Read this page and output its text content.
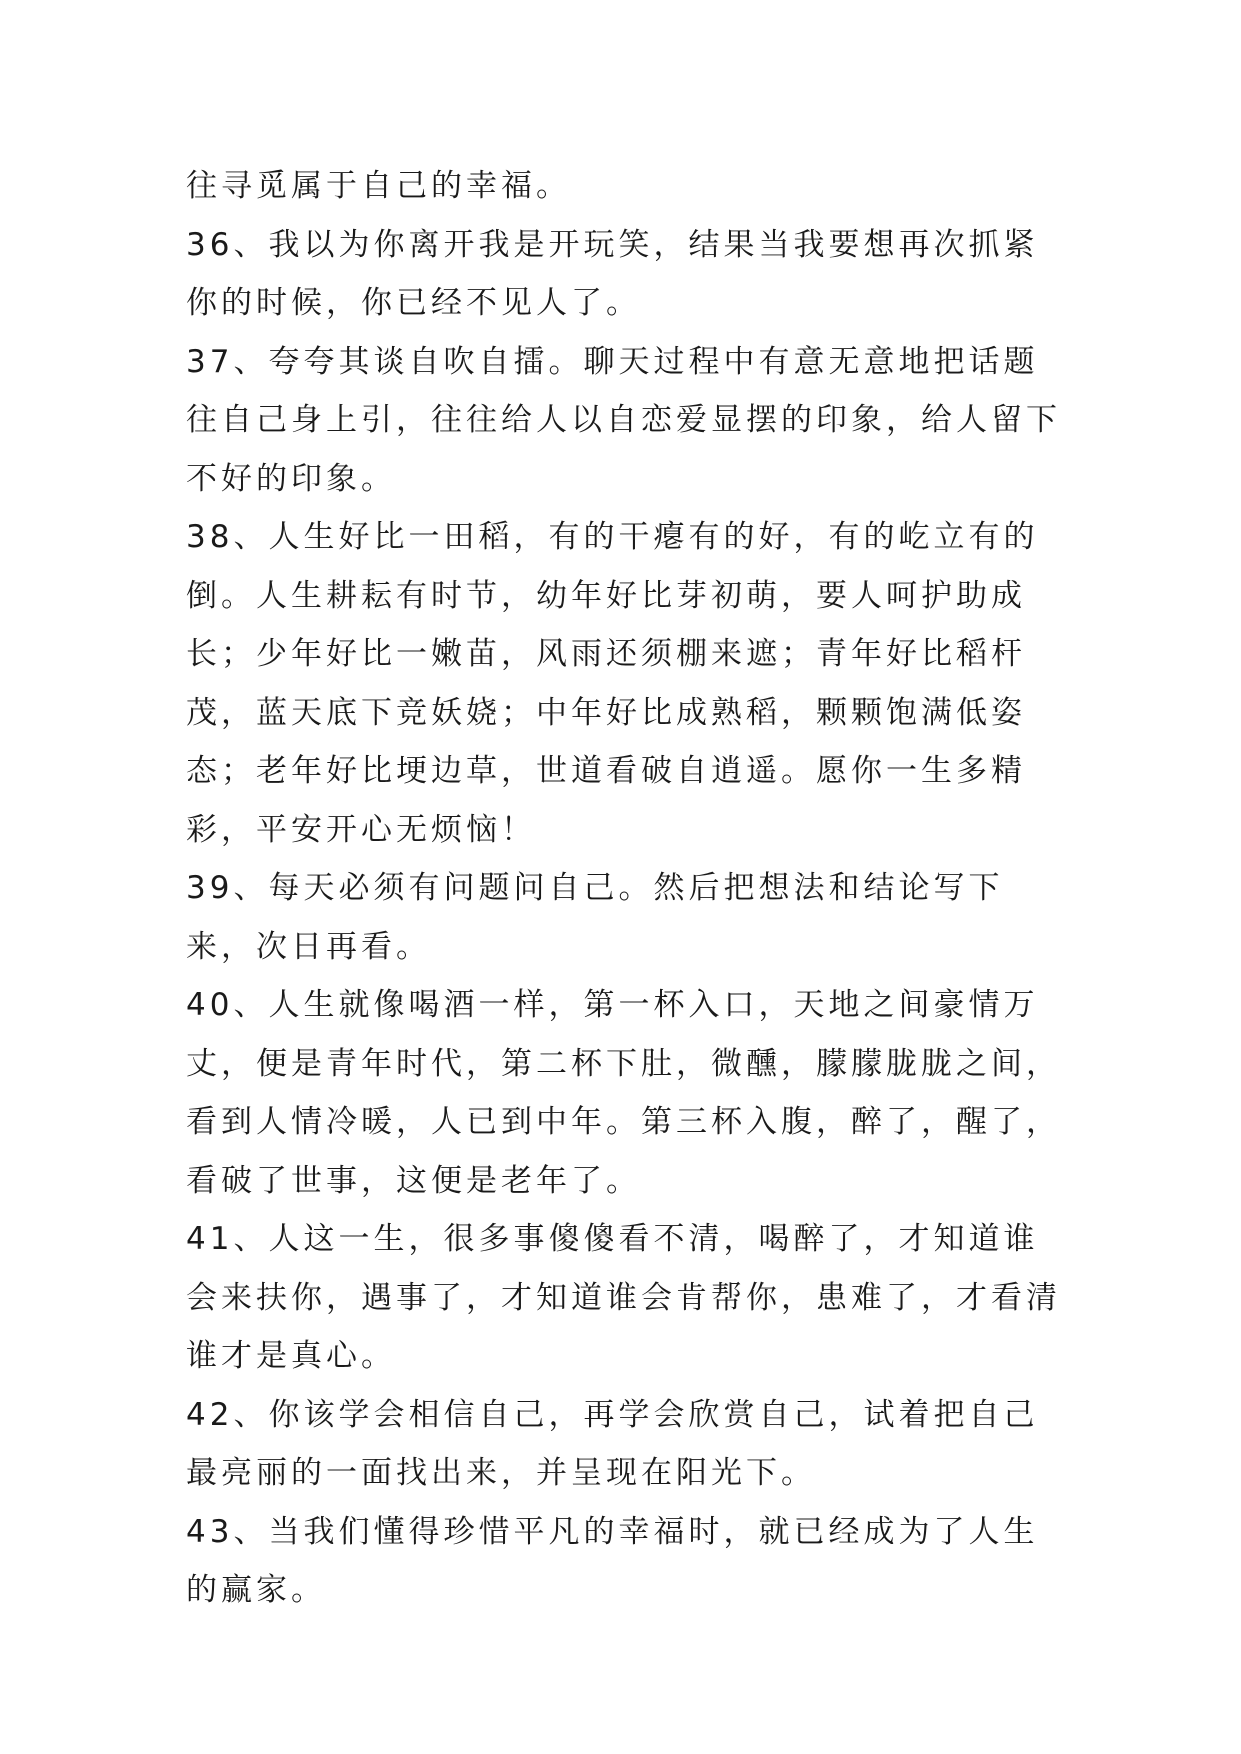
往寻觅属于自己的幸福。

36、我以为你离开我是开玩笑，结果当我要想再次抓紧你的时候，你已经不见人了。

37、夸夸其谈自吹自擂。聊天过程中有意无意地把话题往自己身上引，往往给人以自恋爱显摆的印象，给人留下不好的印象。

38、人生好比一田稻，有的干瘪有的好，有的屹立有的倒。人生耕耘有时节，幼年好比芽初萌，要人呵护助成长；少年好比一嫩苗，风雨还须棚来遮；青年好比稻杆茂，蓝天底下竞妖娆；中年好比成熟稻，颗颗饱满低姿态；老年好比埂边草，世道看破自逍遥。愿你一生多精彩，平安开心无烦恼！

39、每天必须有问题问自己。然后把想法和结论写下来，次日再看。

40、人生就像喝酒一样，第一杯入口，天地之间豪情万丈，便是青年时代，第二杯下肚，微醺，朦朦胧胧之间，看到人情冷暖，人已到中年。第三杯入腹，醉了，醒了，看破了世事，这便是老年了。

41、人这一生，很多事傻傻看不清，喝醉了，才知道谁会来扶你，遇事了，才知道谁会肯帮你，患难了，才看清谁才是真心。

42、你该学会相信自己，再学会欣赏自己，试着把自己最亮丽的一面找出来，并呈现在阳光下。

43、当我们懂得珍惜平凡的幸福时，就已经成为了人生的赢家。
